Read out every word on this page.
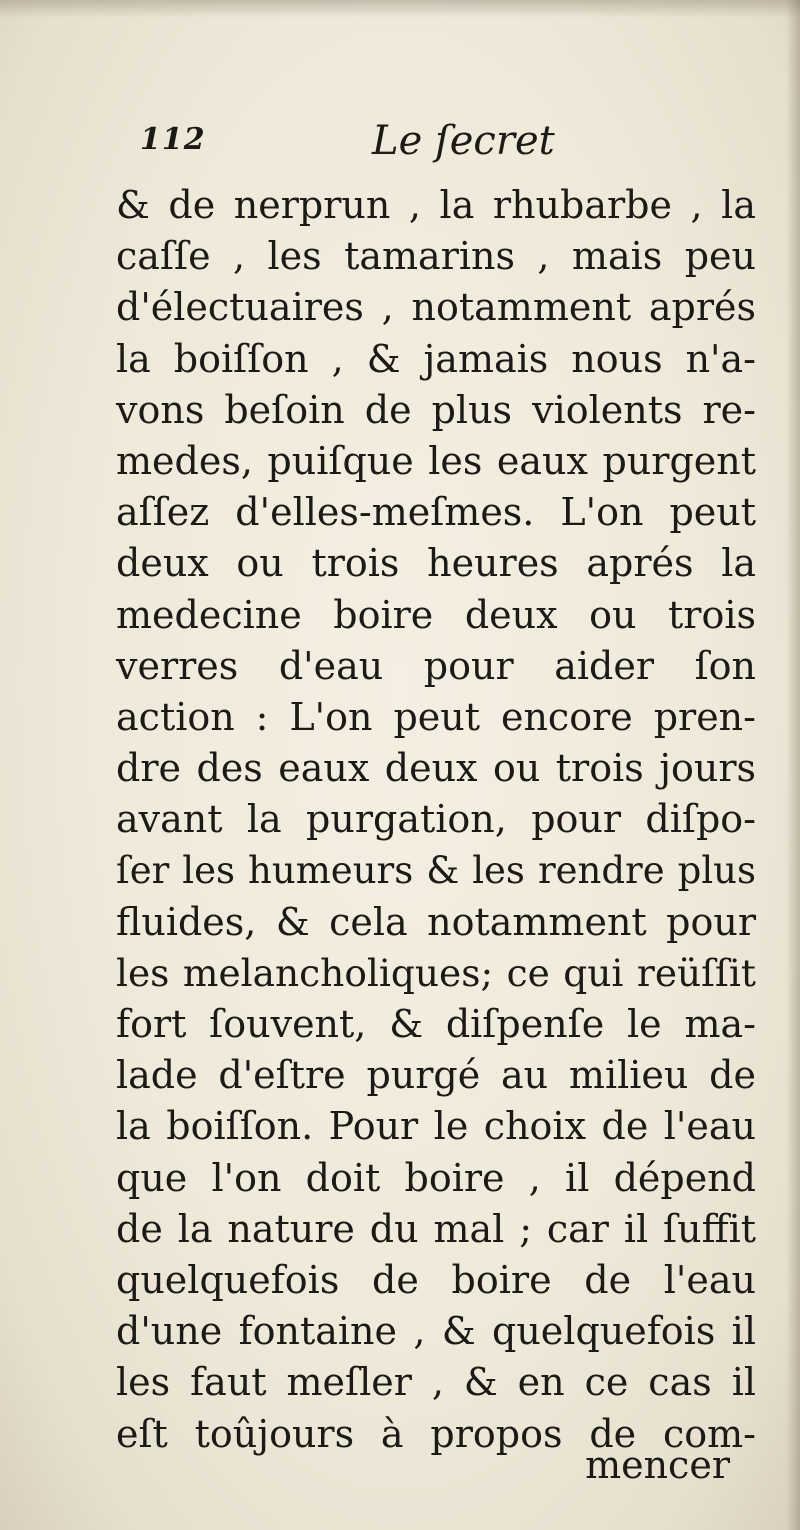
112	Le ſecret
& de nerprun , la rhubarbe , la
caſſe , les tamarins , mais peu
d'électuaires , notamment aprés
la boiſſon , & jamais nous n'a-
vons beſoin de plus violents re-
medes, puiſque les eaux purgent
aſſez d'elles-meſmes. L'on peut
deux ou trois heures aprés la
medecine boire deux ou trois
verres d'eau pour aider ſon
action : L'on peut encore pren-
dre des eaux deux ou trois jours
avant la purgation, pour diſpo-
ſer les humeurs & les rendre plus
fluides, & cela notamment pour
les melancholiques; ce qui reüſſit
fort ſouvent, & diſpenſe le ma-
lade d'eſtre purgé au milieu de
la boiſſon. Pour le choix de l'eau
que l'on doit boire , il dépend
de la nature du mal ; car il ſuffit
quelquefois de boire de l'eau
d'une fontaine , & quelquefois il
les faut meſler , & en ce cas il
eſt toûjours à propos de com-
mencer
